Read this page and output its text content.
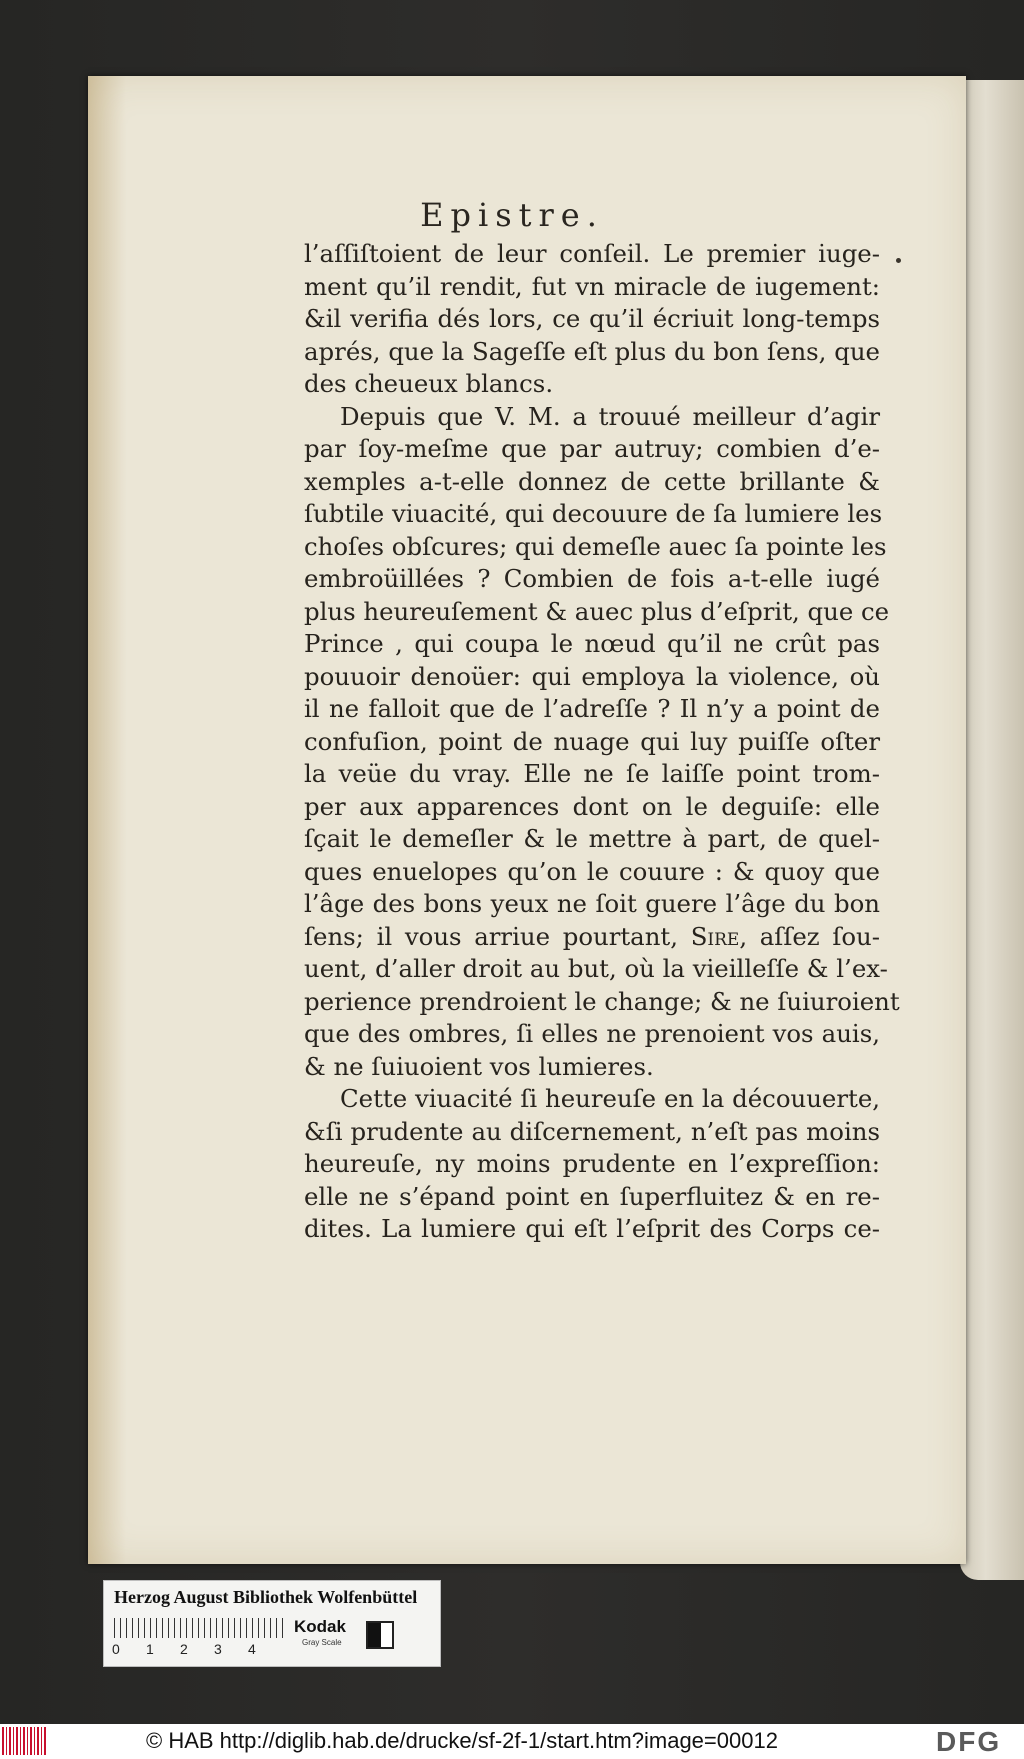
Epistre.
l’aſſiſtoient de leur conſeil. Le premier iuge-
ment qu’il rendit, fut vn miracle de iugement:
&il verifia dés lors, ce qu’il écriuit long-temps
aprés, que la Sageſſe eſt plus du bon ſens, que
des cheueux blancs.
Depuis que V. M. a trouué meilleur d’agir
par ſoy-meſme que par autruy; combien d’e-
xemples a-t-elle donnez de cette brillante &
ſubtile viuacité, qui decouure de ſa lumiere les
choſes obſcures; qui demeſle auec ſa pointe les
embroüillées ? Combien de fois a-t-elle iugé
plus heureuſement & auec plus d’eſprit, que ce
Prince , qui coupa le nœud qu’il ne crût pas
pouuoir denoüer: qui employa la violence, où
il ne falloit que de l’adreſſe ? Il n’y a point de
confuſion, point de nuage qui luy puiſſe oſter
la veüe du vray. Elle ne ſe laiſſe point trom-
per aux apparences dont on le deguiſe: elle
ſçait le demeſler & le mettre à part, de quel-
ques enuelopes qu’on le couure : & quoy que
l’âge des bons yeux ne ſoit guere l’âge du bon
ſens; il vous arriue pourtant, Sire, aſſez ſou-
uent, d’aller droit au but, où la vieilleſſe & l’ex-
perience prendroient le change; & ne ſuiuroient
que des ombres, ſi elles ne prenoient vos auis,
& ne ſuiuoient vos lumieres.
Cette viuacité ſi heureuſe en la découuerte,
&ſi prudente au diſcernement, n’eſt pas moins
heureuſe, ny moins prudente en l’expreſſion:
elle ne s’épand point en ſuperfluitez & en re-
dites. La lumiere qui eſt l’eſprit des Corps ce-
Herzog August Bibliothek Wolfenbüttel
0 1 2 3 4
Kodak
Gray Scale
© HAB http://diglib.hab.de/drucke/sf-2f-1/start.htm?image=00012	DFG
